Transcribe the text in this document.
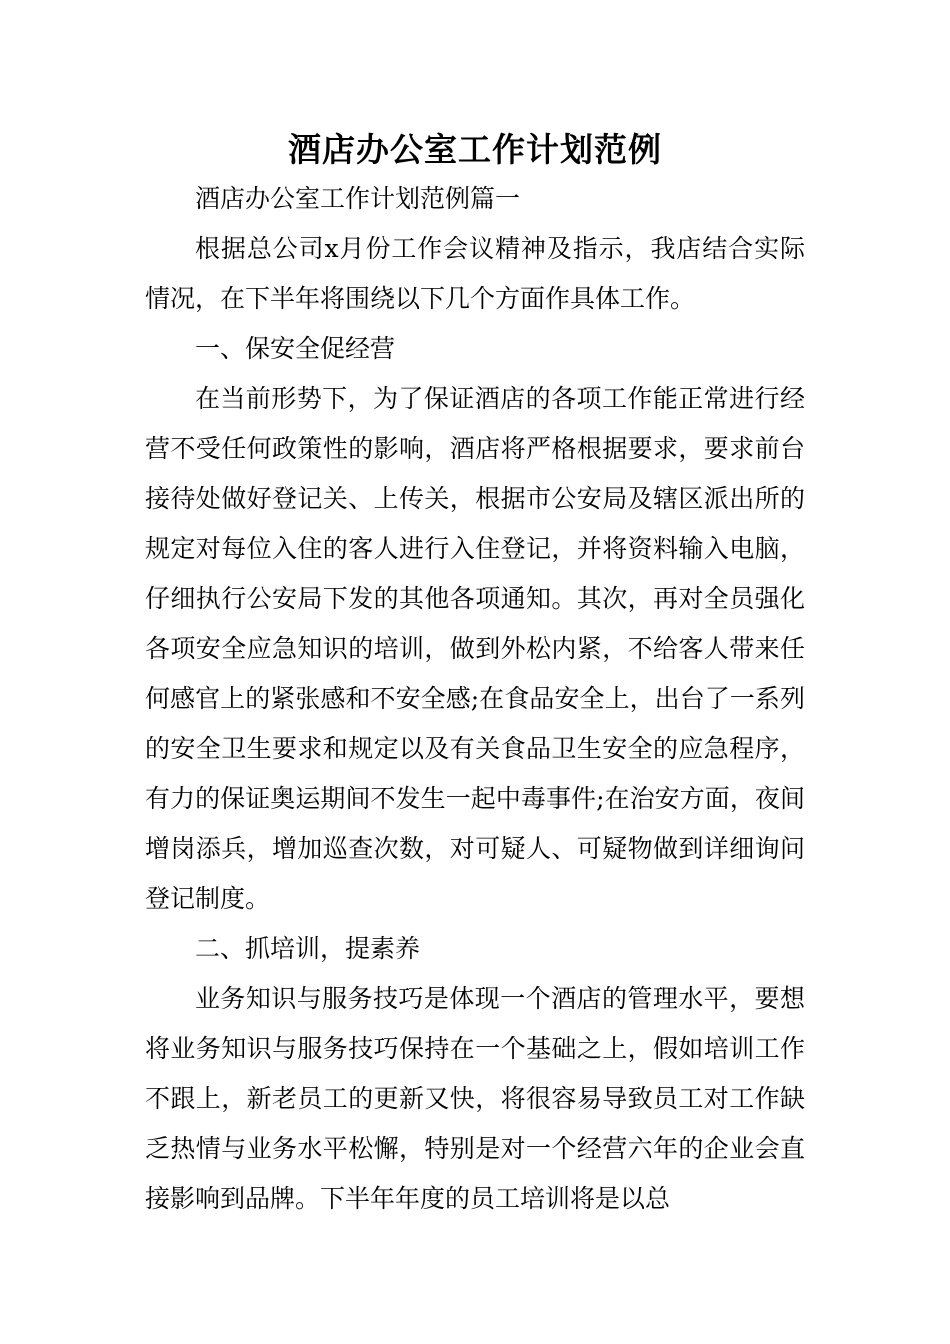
酒店办公室工作计划范例

酒店办公室工作计划范例篇一

根据总公司x月份工作会议精神及指示，我店结合实际情况，在下半年将围绕以下几个方面作具体工作。

一、保安全促经营

在当前形势下，为了保证酒店的各项工作能正常进行经营不受任何政策性的影响，酒店将严格根据要求，要求前台接待处做好登记关、上传关，根据市公安局及辖区派出所的规定对每位入住的客人进行入住登记，并将资料输入电脑，仔细执行公安局下发的其他各项通知。其次，再对全员强化各项安全应急知识的培训，做到外松内紧，不给客人带来任何感官上的紧张感和不安全感;在食品安全上，出台了一系列的安全卫生要求和规定以及有关食品卫生安全的应急程序，有力的保证奥运期间不发生一起中毒事件;在治安方面，夜间增岗添兵，增加巡查次数，对可疑人、可疑物做到详细询问登记制度。

二、抓培训，提素养

业务知识与服务技巧是体现一个酒店的管理水平，要想将业务知识与服务技巧保持在一个基础之上，假如培训工作不跟上，新老员工的更新又快，将很容易导致员工对工作缺乏热情与业务水平松懈，特别是对一个经营六年的企业会直接影响到品牌。下半年年度的员工培训将是以总
